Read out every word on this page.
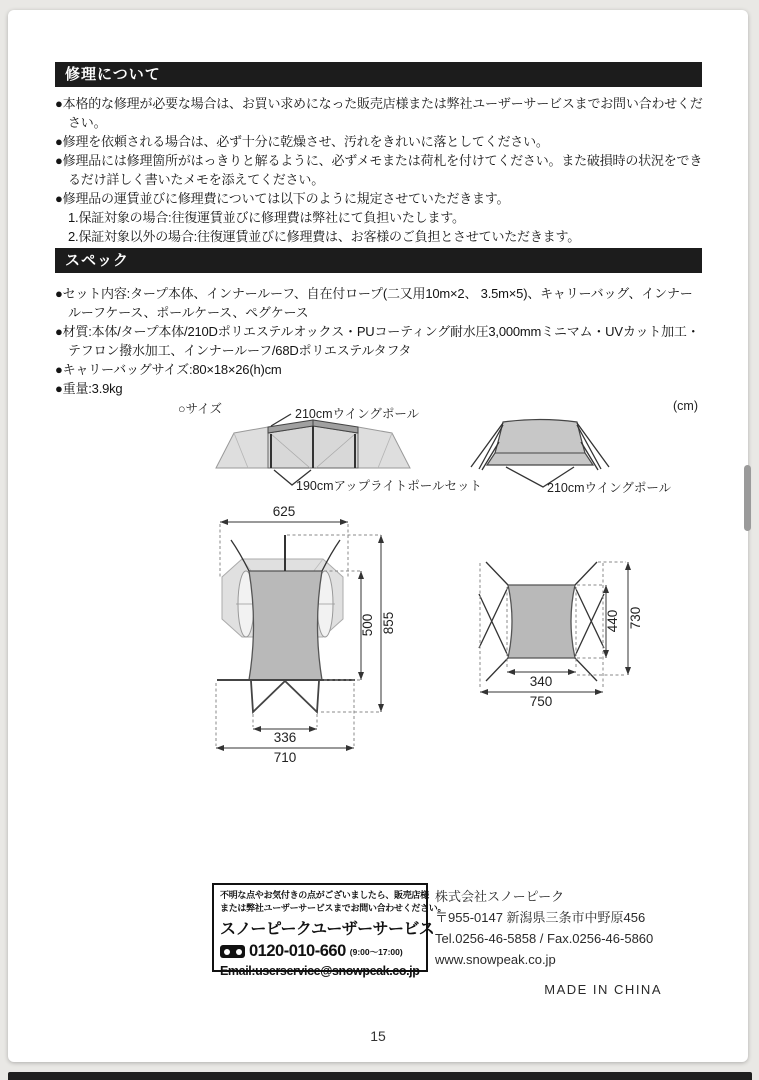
修理について
●本格的な修理が必要な場合は、お買い求めになった販売店様または弊社ユーザーサービスまでお問い合わせください。
●修理を依頼される場合は、必ず十分に乾燥させ、汚れをきれいに落としてください。
●修理品には修理箇所がはっきりと解るように、必ずメモまたは荷札を付けてください。また破損時の状況をできるだけ詳しく書いたメモを添えてください。
●修理品の運賃並びに修理費については以下のように規定させていただきます。
1.保証対象の場合:往復運賃並びに修理費は弊社にて負担いたします。
2.保証対象以外の場合:往復運賃並びに修理費は、お客様のご負担とさせていただきます。
スペック
●セット内容:タープ本体、インナールーフ、自在付ロープ(二又用10m×2、 3.5m×5)、キャリーバッグ、インナールーフケース、ポールケース、ペグケース
●材質:本体/タープ本体/210Dポリエステルオックス・PUコーティング耐水圧3,000mmミニマム・UVカット加工・テフロン撥水加工、インナールーフ/68Dポリエステルタフタ
●キャリーバッグサイズ:80×18×26(h)cm
●重量:3.9kg
○サイズ	(cm)
210cmウイングポール
190cmアップライトポールセット	210cmウイングポール
625
500 855
336
710
440 730
340
750
不明な点やお気付きの点がございましたら、販売店様
または弊社ユーザーサービスまでお問い合わせください。
スノーピークユーザーサービス
0120-010-660 (9:00〜17:00)
Email:userservice@snowpeak.co.jp
株式会社スノーピーク
〒955-0147 新潟県三条市中野原456
Tel.0256-46-5858 / Fax.0256-46-5860
www.snowpeak.co.jp
MADE IN CHINA
15
